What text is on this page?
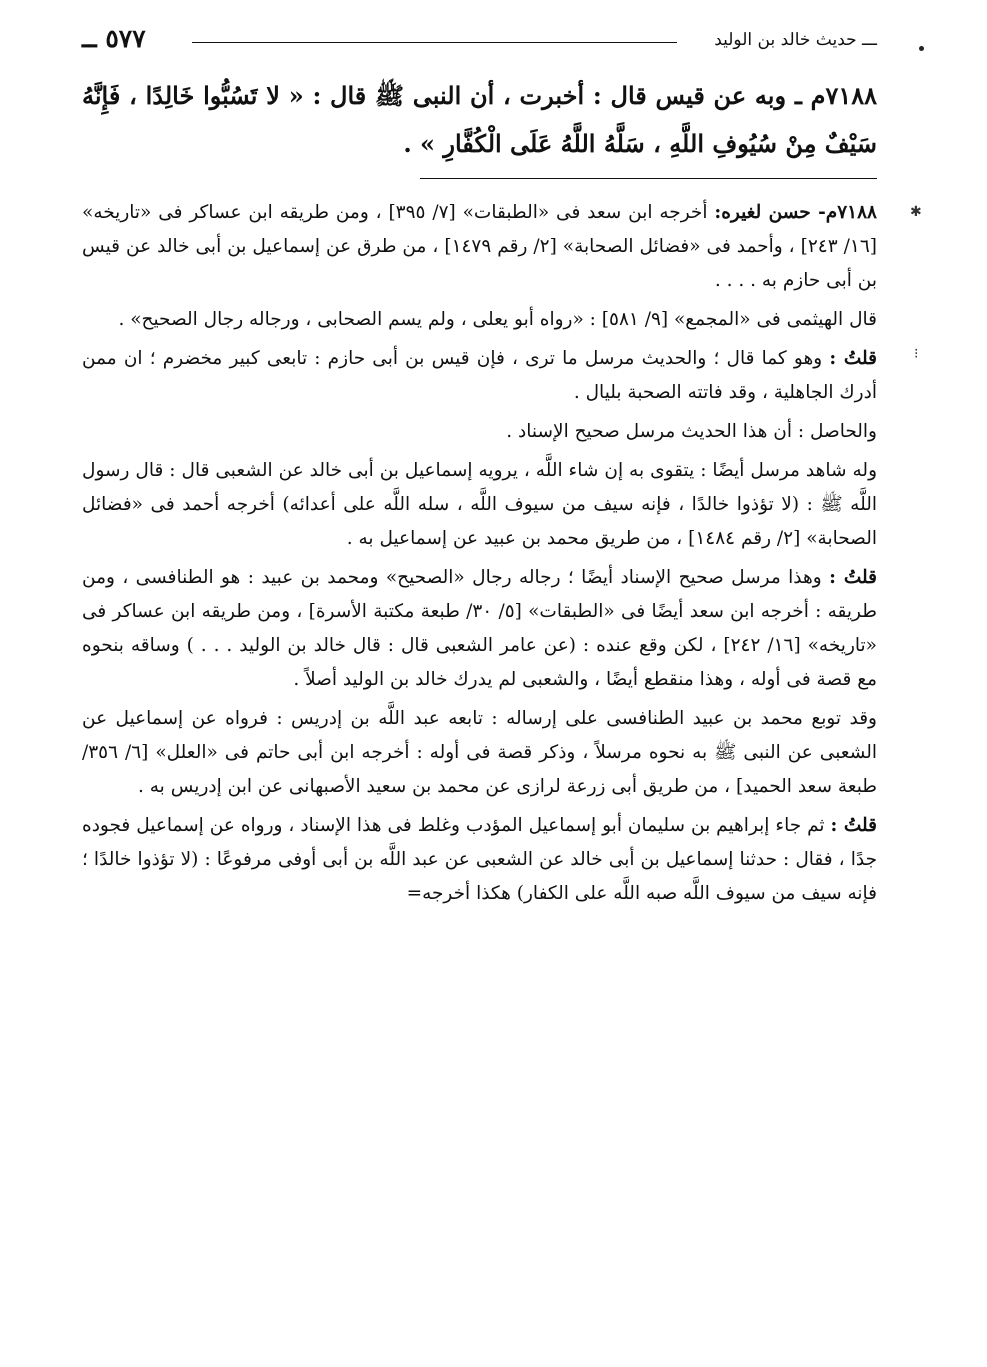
ـــ حديث خالد بن الوليد
٥٧٧ ــ
٧١٨٨م ـ وبه عن قيس قال : أخبرت ، أن النبى ﷺ قال : « لا تَسُبُّوا خَالِدًا ، فَإِنَّهُ سَيْفٌ مِنْ سُيُوفِ اللَّهِ ، سَلَّهُ اللَّهُ عَلَى الْكُفَّارِ » .
✱
⁝

٧١٨٨م- حسن لغيره: أخرجه ابن سعد فى «الطبقات» [٧/ ٣٩٥] ، ومن طريقه ابن عساكر فى «تاريخه» [١٦/ ٢٤٣] ، وأحمد فى «فضائل الصحابة» [٢/ رقم ١٤٧٩] ، من طرق عن إسماعيل بن أبى خالد عن قيس بن أبى حازم به . . . .

قال الهيثمى فى «المجمع» [٩/ ٥٨١] : «رواه أبو يعلى ، ولم يسم الصحابى ، ورجاله رجال الصحيح» .

قلتُ : وهو كما قال ؛ والحديث مرسل ما ترى ، فإن قيس بن أبى حازم : تابعى كبير مخضرم ؛ ان ممن أدرك الجاهلية ، وقد فاتته الصحبة بليال .

والحاصل : أن هذا الحديث مرسل صحيح الإسناد .

وله شاهد مرسل أيضًا : يتقوى به إن شاء اللَّه ، يرويه إسماعيل بن أبى خالد عن الشعبى قال : قال رسول اللَّه ﷺ : (لا تؤذوا خالدًا ، فإنه سيف من سيوف اللَّه ، سله اللَّه على أعدائه) أخرجه أحمد فى «فضائل الصحابة» [٢/ رقم ١٤٨٤] ، من طريق محمد بن عبيد عن إسماعيل به .

قلتُ : وهذا مرسل صحيح الإسناد أيضًا ؛ رجاله رجال «الصحيح» ومحمد بن عبيد : هو الطنافسى ، ومن طريقه : أخرجه ابن سعد أيضًا فى «الطبقات» [٥/ ٣٠/ طبعة مكتبة الأسرة] ، ومن طريقه ابن عساكر فى «تاريخه» [١٦/ ٢٤٢] ، لكن وقع عنده : (عن عامر الشعبى قال : قال خالد بن الوليد . . . ) وساقه بنحوه مع قصة فى أوله ، وهذا منقطع أيضًا ، والشعبى لم يدرك خالد بن الوليد أصلاً .

وقد توبع محمد بن عبيد الطنافسى على إرساله : تابعه عبد اللَّه بن إدريس : فرواه عن إسماعيل عن الشعبى عن النبى ﷺ به نحوه مرسلاً ، وذكر قصة فى أوله : أخرجه ابن أبى حاتم فى «العلل» [٦/ ٣٥٦/ طبعة سعد الحميد] ، من طريق أبى زرعة لرازى عن محمد بن سعيد الأصبهانى عن ابن إدريس به .

قلتُ : ثم جاء إبراهيم بن سليمان أبو إسماعيل المؤدب وغلط فى هذا الإسناد ، ورواه عن إسماعيل فجوده جدًا ، فقال : حدثنا إسماعيل بن أبى خالد عن الشعبى عن عبد اللَّه بن أبى أوفى مرفوعًا : (لا تؤذوا خالدًا ؛ فإنه سيف من سيوف اللَّه صبه اللَّه على الكفار) هكذا أخرجه=
